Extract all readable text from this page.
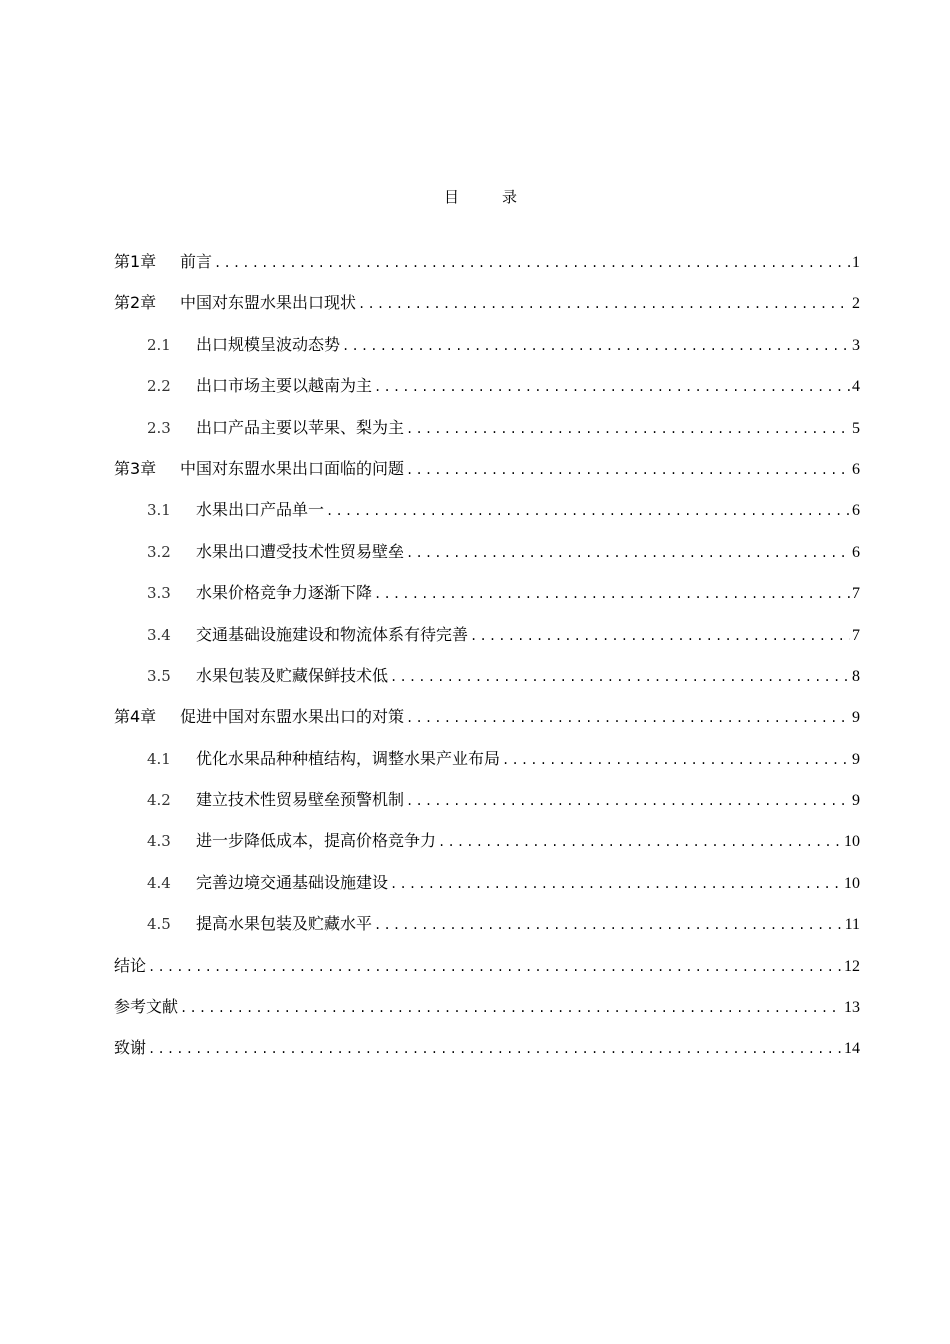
目　录
第1章	前言 .....	1
第2章	中国对东盟水果出口现状 .....	2
2.1	出口规模呈波动态势 .....	3
2.2	出口市场主要以越南为主 .....	4
2.3	出口产品主要以苹果、梨为主 .....	5
第3章	中国对东盟水果出口面临的问题 .....	6
3.1	水果出口产品单一 .....	6
3.2	水果出口遭受技术性贸易壁垒 .....	6
3.3	水果价格竞争力逐渐下降 .....	7
3.4	交通基础设施建设和物流体系有待完善 .....	7
3.5	水果包装及贮藏保鲜技术低 .....	8
第4章	促进中国对东盟水果出口的对策 .....	9
4.1	优化水果品种种植结构，调整水果产业布局 .....	9
4.2	建立技术性贸易壁垒预警机制 .....	9
4.3	进一步降低成本，提高价格竞争力 .....	10
4.4	完善边境交通基础设施建设 .....	10
4.5	提高水果包装及贮藏水平 .....	11
结论 .....	12
参考文献 .....	13
致谢 .....	14
